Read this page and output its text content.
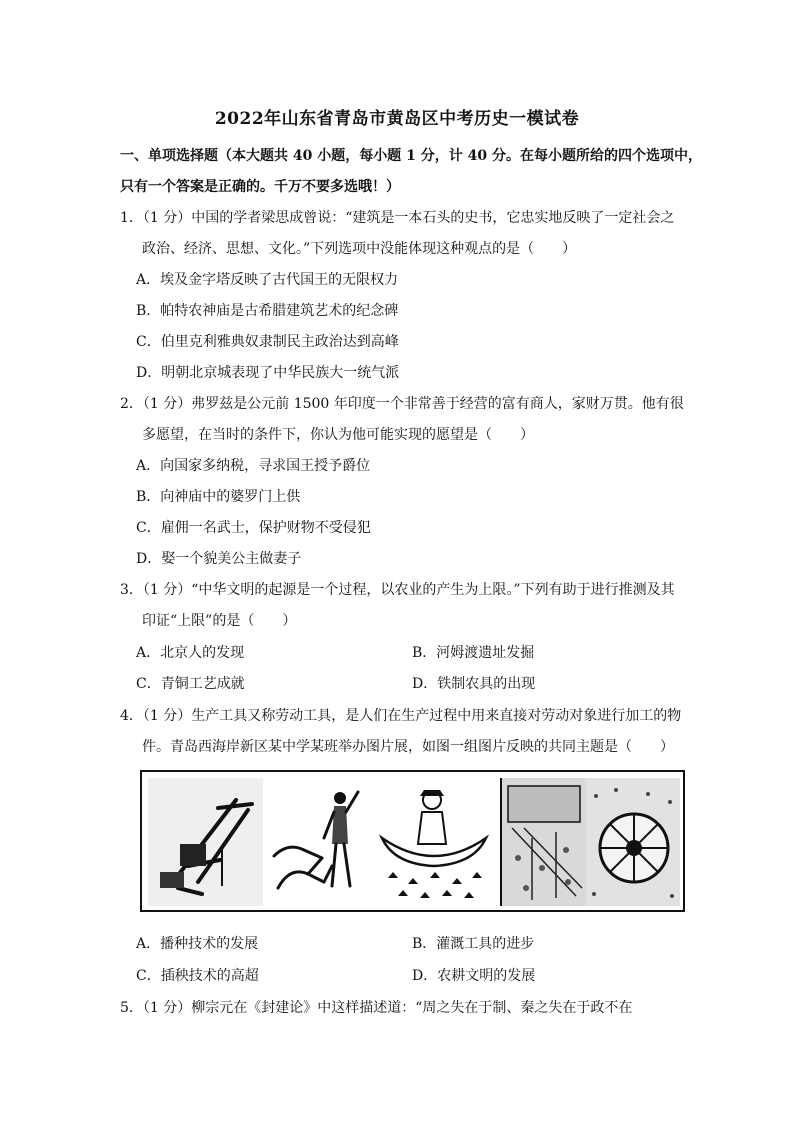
2022年山东省青岛市黄岛区中考历史一模试卷
一、单项选择题（本大题共 40 小题，每小题 1 分，计 40 分。在每小题所给的四个选项中，
只有一个答案是正确的。千万不要多选哦！）
1．（1 分）中国的学者梁思成曾说：“建筑是一本石头的史书，它忠实地反映了一定社会之
政治、经济、思想、文化。”下列选项中没能体现这种观点的是（　　）
A．埃及金字塔反映了古代国王的无限权力
B．帕特农神庙是古希腊建筑艺术的纪念碑
C．伯里克利雅典奴隶制民主政治达到高峰
D．明朝北京城表现了中华民族大一统气派
2．（1 分）弗罗兹是公元前 1500 年印度一个非常善于经营的富有商人，家财万贯。他有很
多愿望，在当时的条件下，你认为他可能实现的愿望是（　　）
A．向国家多纳税，寻求国王授予爵位
B．向神庙中的婆罗门上供
C．雇佣一名武士，保护财物不受侵犯
D．娶一个貌美公主做妻子
3．（1 分）“中华文明的起源是一个过程，以农业的产生为上限。”下列有助于进行推测及其
印证“上限”的是（　　）
A．北京人的发现	B．河姆渡遗址发掘
C．青铜工艺成就	D．铁制农具的出现
4．（1 分）生产工具又称劳动工具，是人们在生产过程中用来直接对劳动对象进行加工的物
件。青岛西海岸新区某中学某班举办图片展，如图一组图片反映的共同主题是（　　）
A．播种技术的发展	B．灌溉工具的进步
C．插秧技术的高超	D．农耕文明的发展
5．（1 分）柳宗元在《封建论》中这样描述道：“周之失在于制、秦之失在于政不在
